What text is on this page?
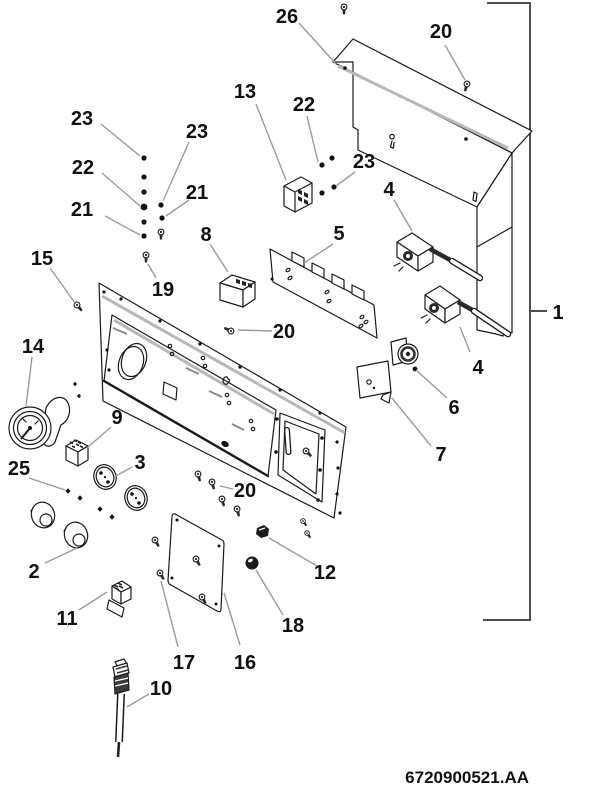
26
20
13
22
23
23
23
22
21
21
8	5
4
15
19
14
20
1
4
6
9
7
3
25
20
2	12
11	18
17 16
10
6720900521.AA
